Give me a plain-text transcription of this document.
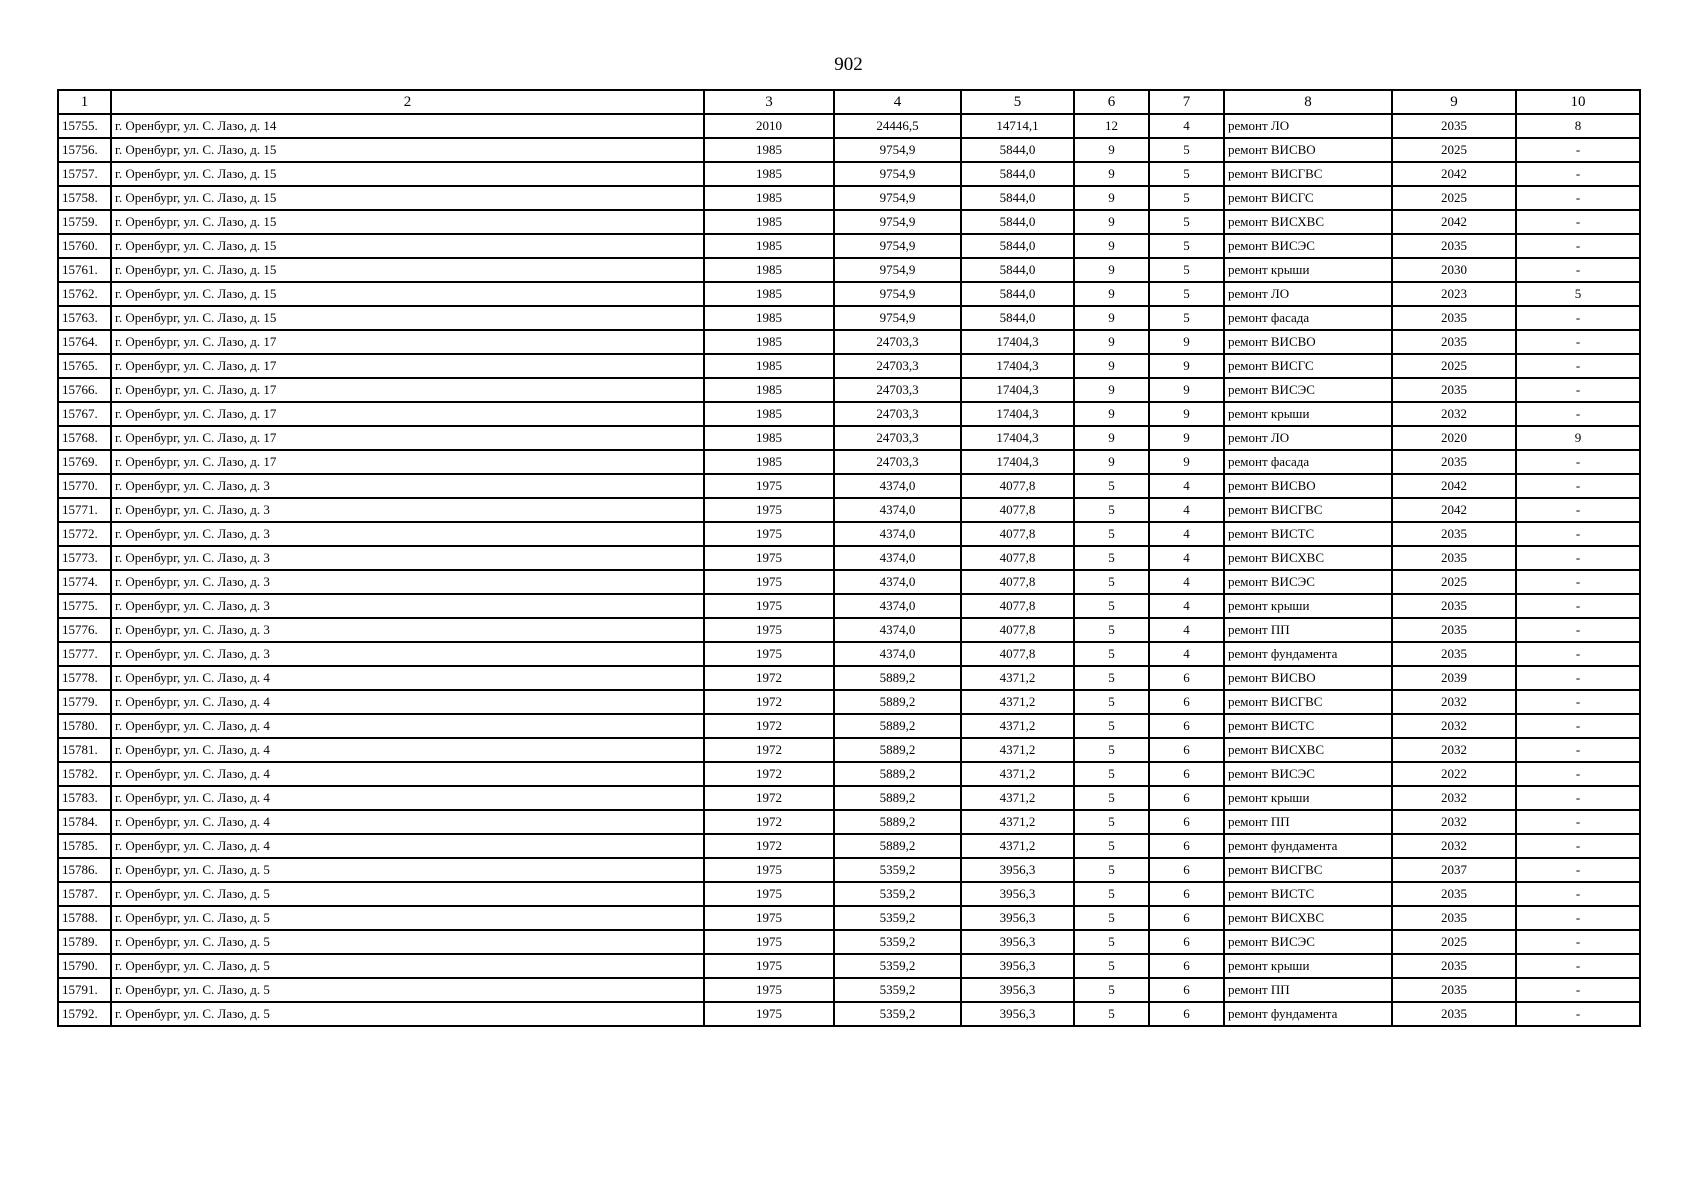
902
1	2	3	4	5	6	7	8	9	10
15755.	г. Оренбург, ул. С. Лазо, д. 14	2010	24446,5	14714,1	12	4	ремонт ЛО	2035	8
15756.	г. Оренбург, ул. С. Лазо, д. 15	1985	9754,9	5844,0	9	5	ремонт ВИСВО	2025	-
15757.	г. Оренбург, ул. С. Лазо, д. 15	1985	9754,9	5844,0	9	5	ремонт ВИСГВС	2042	-
15758.	г. Оренбург, ул. С. Лазо, д. 15	1985	9754,9	5844,0	9	5	ремонт ВИСГС	2025	-
15759.	г. Оренбург, ул. С. Лазо, д. 15	1985	9754,9	5844,0	9	5	ремонт ВИСХВС	2042	-
15760.	г. Оренбург, ул. С. Лазо, д. 15	1985	9754,9	5844,0	9	5	ремонт ВИСЭС	2035	-
15761.	г. Оренбург, ул. С. Лазо, д. 15	1985	9754,9	5844,0	9	5	ремонт крыши	2030	-
15762.	г. Оренбург, ул. С. Лазо, д. 15	1985	9754,9	5844,0	9	5	ремонт ЛО	2023	5
15763.	г. Оренбург, ул. С. Лазо, д. 15	1985	9754,9	5844,0	9	5	ремонт фасада	2035	-
15764.	г. Оренбург, ул. С. Лазо, д. 17	1985	24703,3	17404,3	9	9	ремонт ВИСВО	2035	-
15765.	г. Оренбург, ул. С. Лазо, д. 17	1985	24703,3	17404,3	9	9	ремонт ВИСГС	2025	-
15766.	г. Оренбург, ул. С. Лазо, д. 17	1985	24703,3	17404,3	9	9	ремонт ВИСЭС	2035	-
15767.	г. Оренбург, ул. С. Лазо, д. 17	1985	24703,3	17404,3	9	9	ремонт крыши	2032	-
15768.	г. Оренбург, ул. С. Лазо, д. 17	1985	24703,3	17404,3	9	9	ремонт ЛО	2020	9
15769.	г. Оренбург, ул. С. Лазо, д. 17	1985	24703,3	17404,3	9	9	ремонт фасада	2035	-
15770.	г. Оренбург, ул. С. Лазо, д. 3	1975	4374,0	4077,8	5	4	ремонт ВИСВО	2042	-
15771.	г. Оренбург, ул. С. Лазо, д. 3	1975	4374,0	4077,8	5	4	ремонт ВИСГВС	2042	-
15772.	г. Оренбург, ул. С. Лазо, д. 3	1975	4374,0	4077,8	5	4	ремонт ВИСТС	2035	-
15773.	г. Оренбург, ул. С. Лазо, д. 3	1975	4374,0	4077,8	5	4	ремонт ВИСХВС	2035	-
15774.	г. Оренбург, ул. С. Лазо, д. 3	1975	4374,0	4077,8	5	4	ремонт ВИСЭС	2025	-
15775.	г. Оренбург, ул. С. Лазо, д. 3	1975	4374,0	4077,8	5	4	ремонт крыши	2035	-
15776.	г. Оренбург, ул. С. Лазо, д. 3	1975	4374,0	4077,8	5	4	ремонт ПП	2035	-
15777.	г. Оренбург, ул. С. Лазо, д. 3	1975	4374,0	4077,8	5	4	ремонт фундамента	2035	-
15778.	г. Оренбург, ул. С. Лазо, д. 4	1972	5889,2	4371,2	5	6	ремонт ВИСВО	2039	-
15779.	г. Оренбург, ул. С. Лазо, д. 4	1972	5889,2	4371,2	5	6	ремонт ВИСГВС	2032	-
15780.	г. Оренбург, ул. С. Лазо, д. 4	1972	5889,2	4371,2	5	6	ремонт ВИСТС	2032	-
15781.	г. Оренбург, ул. С. Лазо, д. 4	1972	5889,2	4371,2	5	6	ремонт ВИСХВС	2032	-
15782.	г. Оренбург, ул. С. Лазо, д. 4	1972	5889,2	4371,2	5	6	ремонт ВИСЭС	2022	-
15783.	г. Оренбург, ул. С. Лазо, д. 4	1972	5889,2	4371,2	5	6	ремонт крыши	2032	-
15784.	г. Оренбург, ул. С. Лазо, д. 4	1972	5889,2	4371,2	5	6	ремонт ПП	2032	-
15785.	г. Оренбург, ул. С. Лазо, д. 4	1972	5889,2	4371,2	5	6	ремонт фундамента	2032	-
15786.	г. Оренбург, ул. С. Лазо, д. 5	1975	5359,2	3956,3	5	6	ремонт ВИСГВС	2037	-
15787.	г. Оренбург, ул. С. Лазо, д. 5	1975	5359,2	3956,3	5	6	ремонт ВИСТС	2035	-
15788.	г. Оренбург, ул. С. Лазо, д. 5	1975	5359,2	3956,3	5	6	ремонт ВИСХВС	2035	-
15789.	г. Оренбург, ул. С. Лазо, д. 5	1975	5359,2	3956,3	5	6	ремонт ВИСЭС	2025	-
15790.	г. Оренбург, ул. С. Лазо, д. 5	1975	5359,2	3956,3	5	6	ремонт крыши	2035	-
15791.	г. Оренбург, ул. С. Лазо, д. 5	1975	5359,2	3956,3	5	6	ремонт ПП	2035	-
15792.	г. Оренбург, ул. С. Лазо, д. 5	1975	5359,2	3956,3	5	6	ремонт фундамента	2035	-
